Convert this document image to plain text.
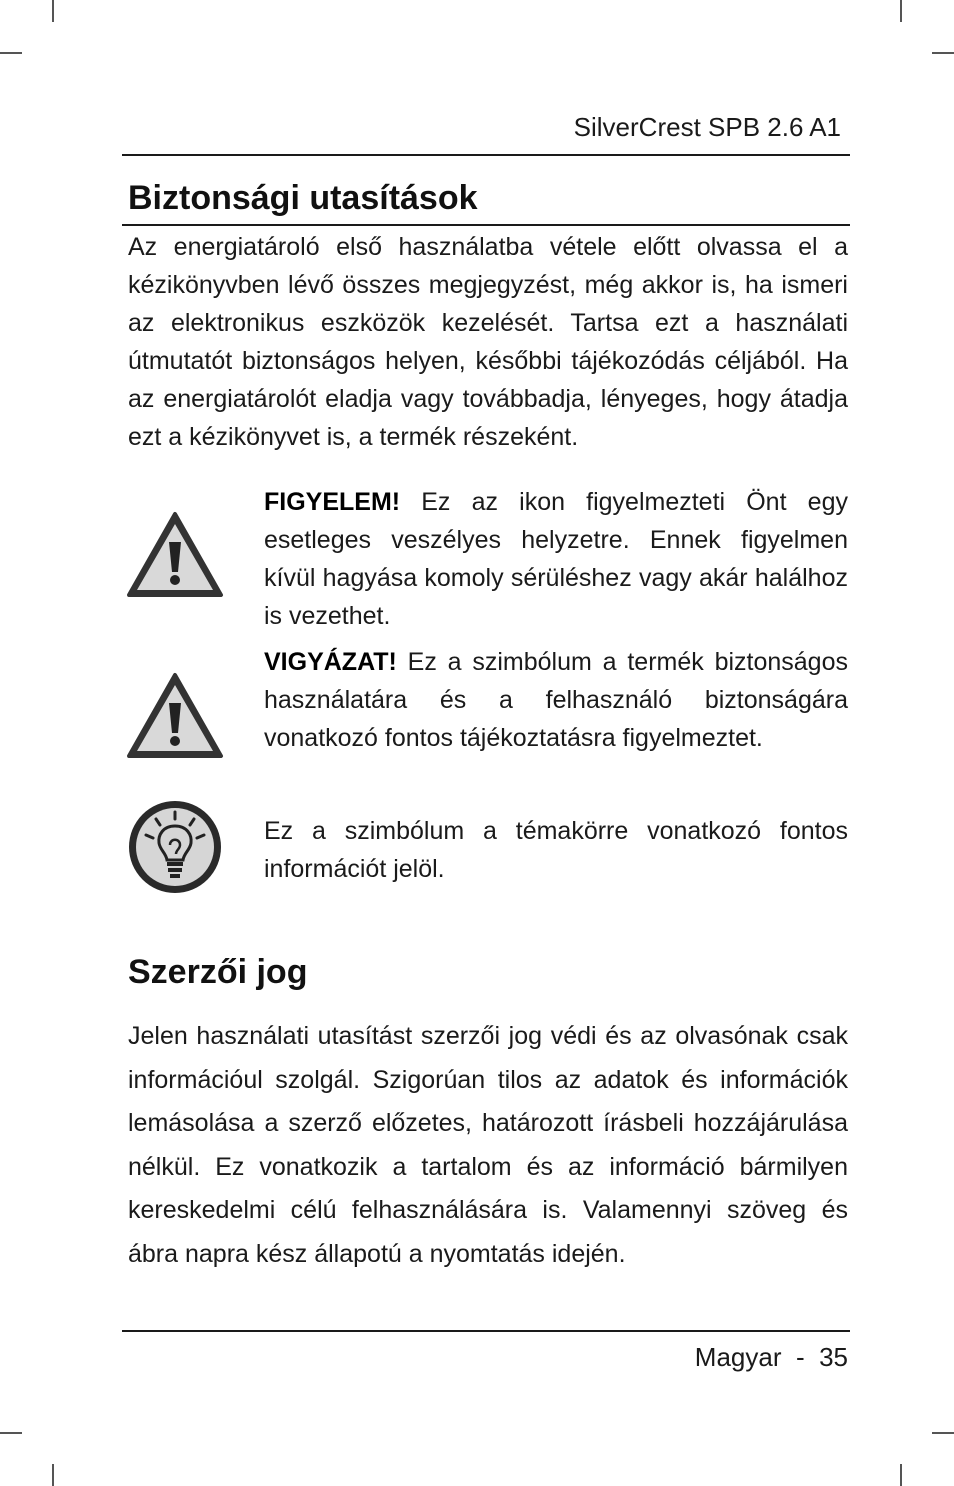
SilverCrest SPB 2.6 A1
Biztonsági utasítások

Az energiatároló első használatba vétele előtt olvassa el a kézikönyvben lévő összes megjegyzést, még akkor is, ha ismeri az elektronikus eszközök kezelését. Tartsa ezt a használati útmutatót biztonságos helyen, későbbi tájékozódás céljából. Ha az energiatárolót eladja vagy továbbadja, lényeges, hogy átadja ezt a kézikönyvet is, a termék részeként.

FIGYELEM! Ez az ikon figyelmezteti Önt egy esetleges veszélyes helyzetre. Ennek figyelmen kívül hagyása komoly sérüléshez vagy akár halálhoz is vezethet.

VIGYÁZAT! Ez a szimbólum a termék biztonságos használatára és a felhasználó biztonságára vonatkozó fontos tájékoztatásra figyelmeztet.

Ez a szimbólum a témakörre vonatkozó fontos információt jelöl.

Szerzői jog

Jelen használati utasítást szerzői jog védi és az olvasónak csak információul szolgál. Szigorúan tilos az adatok és információk lemásolása a szerző előzetes, határozott írásbeli hozzájárulása nélkül. Ez vonatkozik a tartalom és az információ bármilyen kereskedelmi célú felhasználására is. Valamennyi szöveg és ábra napra kész állapotú a nyomtatás idején.

Magyar - 35
